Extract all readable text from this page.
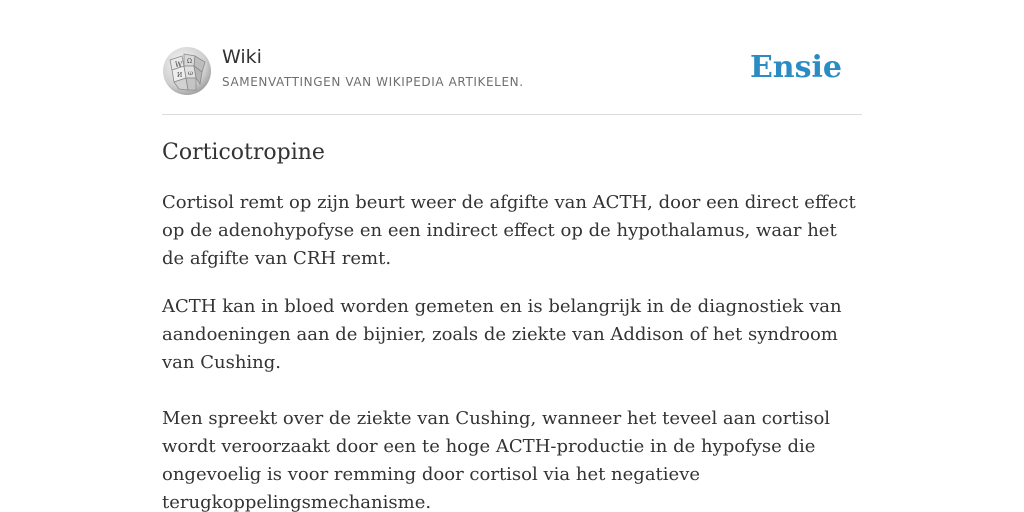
W Ω
И ω
Wiki
SAMENVATTINGEN VAN WIKIPEDIA ARTIKELEN.	Ensie
Corticotropine

Cortisol remt op zijn beurt weer de afgifte van ACTH, door een direct effect op de adenohypofyse en een indirect effect op de hypothalamus, waar het de afgifte van CRH remt.

ACTH kan in bloed worden gemeten en is belangrijk in de diagnostiek van aandoeningen aan de bijnier, zoals de ziekte van Addison of het syndroom van Cushing.

Men spreekt over de ziekte van Cushing, wanneer het teveel aan cortisol wordt veroorzaakt door een te hoge ACTH-productie in de hypofyse die ongevoelig is voor remming door cortisol via het negatieve terugkoppelingsmechanisme.
